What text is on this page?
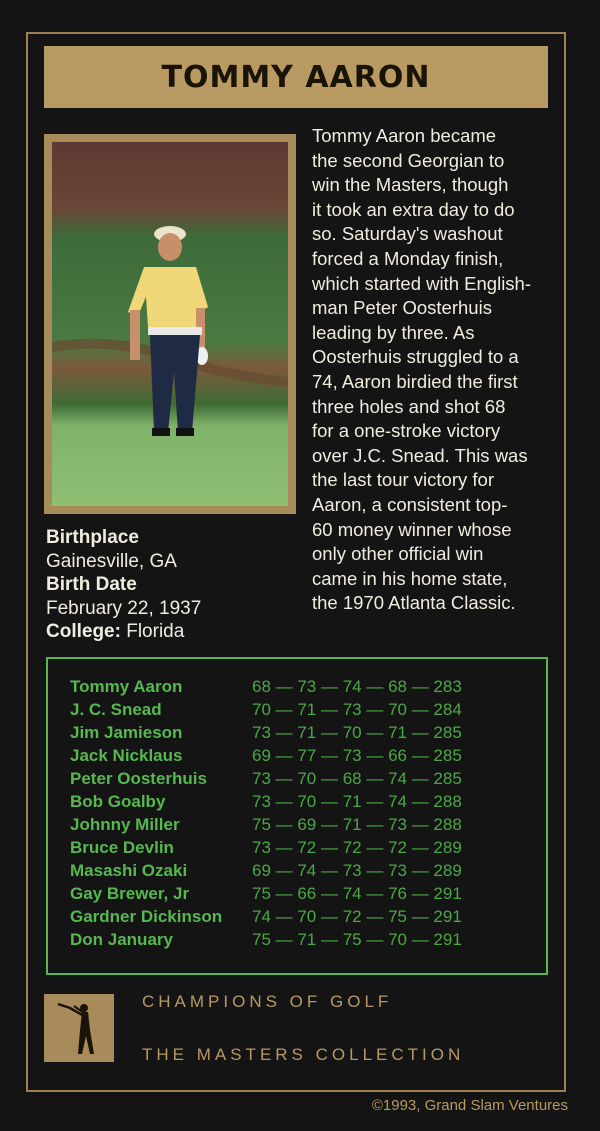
TOMMY AARON
Tommy Aaron became
the second Georgian to
win the Masters, though
it took an extra day to do
so. Saturday's washout
forced a Monday finish,
which started with English-
man Peter Oosterhuis
leading by three. As
Oosterhuis struggled to a
74, Aaron birdied the first
three holes and shot 68
for a one-stroke victory
over J.C. Snead. This was
the last tour victory for
Aaron, a consistent top-
60 money winner whose
only other official win
came in his home state,
the 1970 Atlanta Classic.
Birthplace
Gainesville, GA
Birth Date
February 22, 1937
College: Florida
Tommy Aaron	68 — 73 — 74 — 68 — 283
J. C. Snead	70 — 71 — 73 — 70 — 284
Jim Jamieson	73 — 71 — 70 — 71 — 285
Jack Nicklaus	69 — 77 — 73 — 66 — 285
Peter Oosterhuis	73 — 70 — 68 — 74 — 285
Bob Goalby	73 — 70 — 71 — 74 — 288
Johnny Miller	75 — 69 — 71 — 73 — 288
Bruce Devlin	73 — 72 — 72 — 72 — 289
Masashi Ozaki	69 — 74 — 73 — 73 — 289
Gay Brewer, Jr	75 — 66 — 74 — 76 — 291
Gardner Dickinson 74 — 70 — 72 — 75 — 291
Don January	75 — 71 — 75 — 70 — 291
CHAMPIONS OF GOLF
THE MASTERS COLLECTION
©1993, Grand Slam Ventures
